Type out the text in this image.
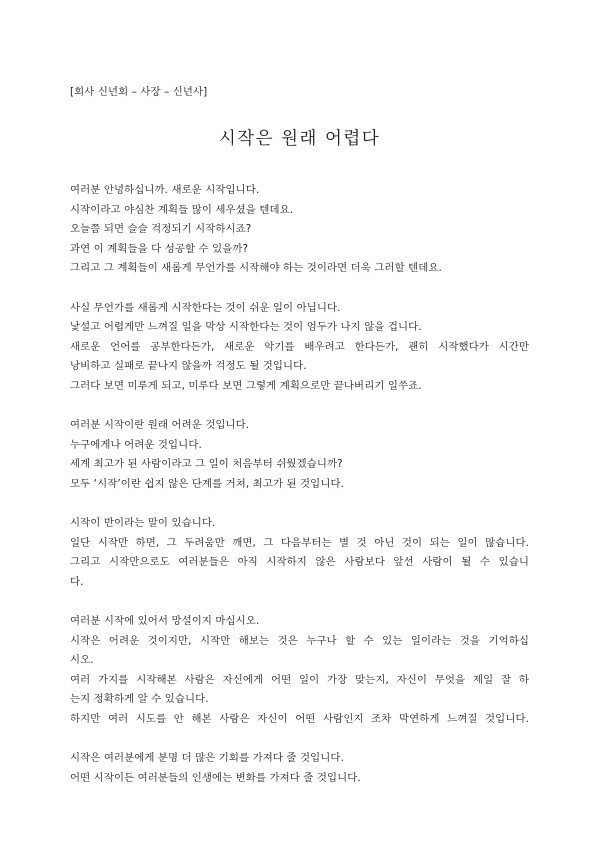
[회사 신년회 – 사장 – 신년사]
시작은 원래 어렵다

여러분 안녕하십니까. 새로운 시작입니다.

시작이라고 야심찬 계획들 많이 세우셨을 텐데요.

오늘쯤 되면 슬슬 걱정되기 시작하시죠?

과연 이 계획들을 다 성공할 수 있을까?

그리고 그 계획들이 새롭게 무언가를 시작해야 하는 것이라면 더욱 그러할 텐데요.

사실 무언가를 새롭게 시작한다는 것이 쉬운 일이 아닙니다.

낯설고 어렵게만 느껴질 일을 막상 시작한다는 것이 엄두가 나지 않을 겁니다.

새로운 언어를 공부한다든가, 새로운 악기를 배우려고 한다든가, 괜히 시작했다가 시간만

낭비하고 실패로 끝나지 않을까 걱정도 될 것입니다.

그러다 보면 미루게 되고, 미루다 보면 그렇게 계획으로만 끝나버리기 일쑤죠.

여러분 시작이란 원래 어려운 것입니다.

누구에게나 어려운 것입니다.

세계 최고가 된 사람이라고 그 일이 처음부터 쉬웠겠습니까?

모두 ‘시작’이란 쉽지 않은 단계를 거쳐, 최고가 된 것입니다.

시작이 반이라는 말이 있습니다.

일단 시작만 하면, 그 두려움만 깨면, 그 다음부터는 별 것 아닌 것이 되는 일이 많습니다.

그리고 시작만으로도 여러분들은 아직 시작하지 않은 사람보다 앞선 사람이 될 수 있습니

다.

여러분 시작에 있어서 망설이지 마십시오.

시작은 어려운 것이지만, 시작만 해보는 것은 누구나 할 수 있는 일이라는 것을 기억하십

시오.

여러 가지를 시작해본 사람은 자신에게 어떤 일이 가장 맞는지, 자신이 무엇을 제일 잘 하

는지 정확하게 알 수 있습니다.

하지만 여러 시도를 안 해본 사람은 자신이 어떤 사람인지 조차 막연하게 느껴질 것입니다.

시작은 여러분에게 분명 더 많은 기회를 가져다 줄 것입니다.

어떤 시작이든 여러분들의 인생에는 변화를 가져다 줄 것입니다.
